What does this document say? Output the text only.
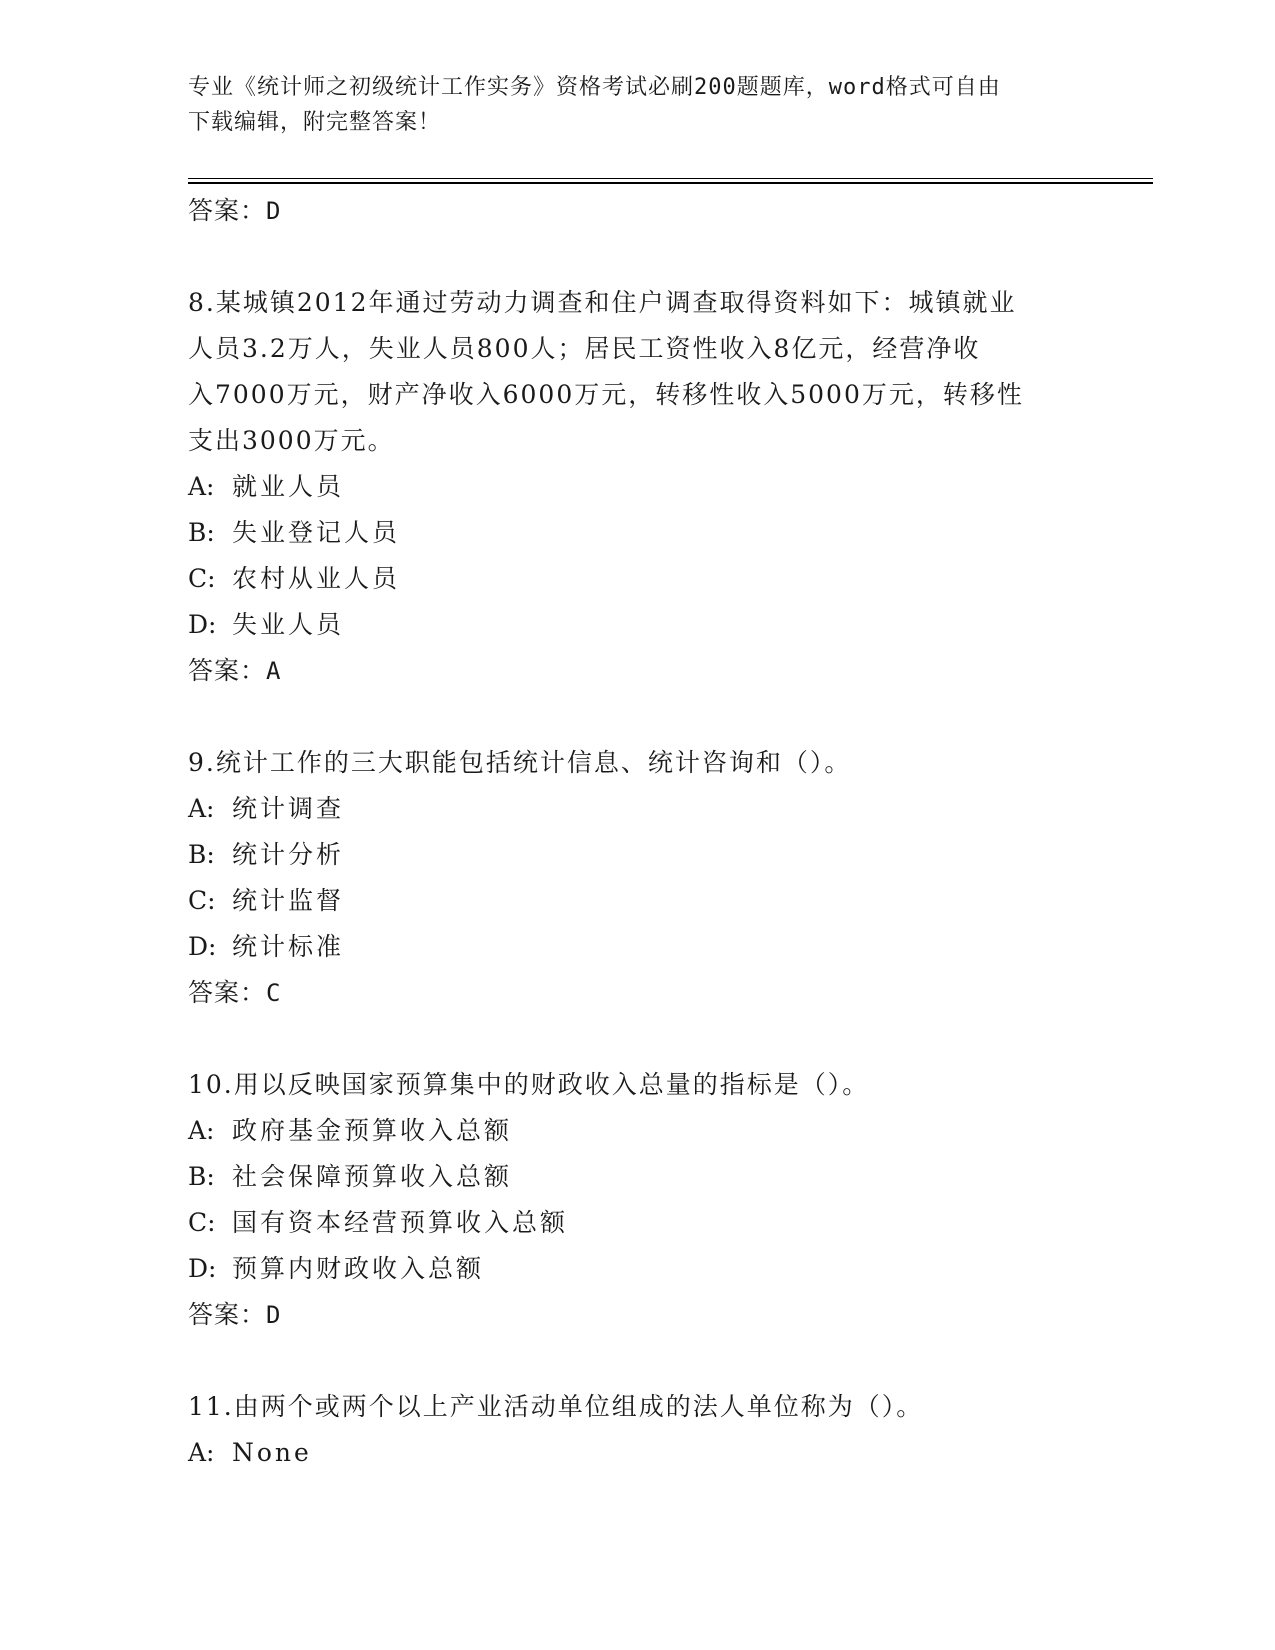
专业《统计师之初级统计工作实务》资格考试必刷200题题库，word格式可自由
下载编辑，附完整答案！
答案：D
8.某城镇2012年通过劳动力调查和住户调查取得资料如下：城镇就业
人员3.2万人，失业人员800人；居民工资性收入8亿元，经营净收
入7000万元，财产净收入6000万元，转移性收入5000万元，转移性
支出3000万元。
A: 就业人员
B: 失业登记人员
C: 农村从业人员
D: 失业人员
答案：A
9.统计工作的三大职能包括统计信息、统计咨询和（）。
A: 统计调查
B: 统计分析
C: 统计监督
D: 统计标准
答案：C
10.用以反映国家预算集中的财政收入总量的指标是（）。
A: 政府基金预算收入总额
B: 社会保障预算收入总额
C: 国有资本经营预算收入总额
D: 预算内财政收入总额
答案：D
11.由两个或两个以上产业活动单位组成的法人单位称为（）。
A: None
